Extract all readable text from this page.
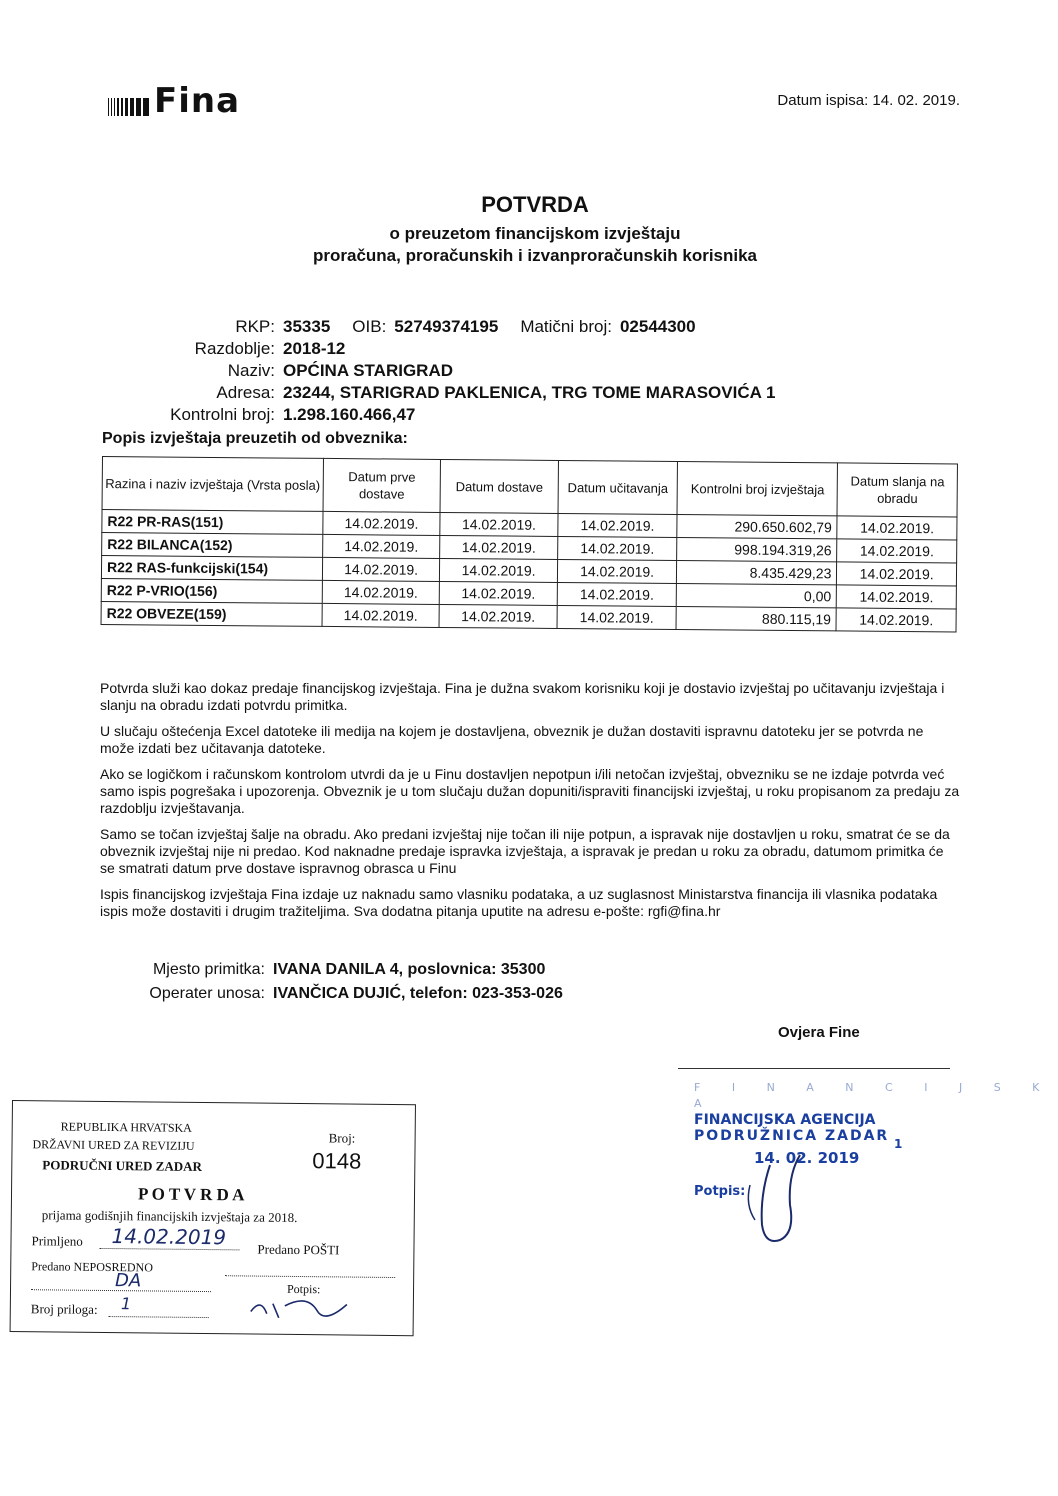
Fina	Datum ispisa: 14. 02. 2019.
POTVRDA
o preuzetom financijskom izvještaju
proračuna, proračunskih i izvanproračunskih korisnika
RKP: 35335 OIB: 52749374195 Matični broj: 02544300
Razdoblje: 2018-12
Naziv: OPĆINA STARIGRAD
Adresa: 23244, STARIGRAD PAKLENICA, TRG TOME MARASOVIĆA 1
Kontrolni broj: 1.298.160.466,47
Popis izvještaja preuzetih od obveznika:
Razina i naziv izvještaja (Vrsta posla)	Datum prve dostave	Datum dostave	Datum učitavanja	Kontrolni broj izvještaja	Datum slanja na obradu
R22 PR-RAS(151)	14.02.2019.	14.02.2019.	14.02.2019.	290.650.602,79	14.02.2019.
R22 BILANCA(152)	14.02.2019.	14.02.2019.	14.02.2019.	998.194.319,26	14.02.2019.
R22 RAS-funkcijski(154)	14.02.2019.	14.02.2019.	14.02.2019.	8.435.429,23	14.02.2019.
R22 P-VRIO(156)	14.02.2019.	14.02.2019.	14.02.2019.	0,00	14.02.2019.
R22 OBVEZE(159)	14.02.2019.	14.02.2019.	14.02.2019.	880.115,19	14.02.2019.

Potvrda služi kao dokaz predaje financijskog izvještaja. Fina je dužna svakom korisniku koji je dostavio izvještaj po učitavanju izvještaja i slanju na obradu izdati potvrdu primitka.

U slučaju oštećenja Excel datoteke ili medija na kojem je dostavljena, obveznik je dužan dostaviti ispravnu datoteku jer se potvrda ne može izdati bez učitavanja datoteke.

Ako se logičkom i računskom kontrolom utvrdi da je u Finu dostavljen nepotpun i/ili netočan izvještaj, obvezniku se ne izdaje potvrda već samo ispis pogrešaka i upozorenja. Obveznik je u tom slučaju dužan dopuniti/ispraviti financijski izvještaj, u roku propisanom za predaju za razdoblju izvještavanja.

Samo se točan izvještaj šalje na obradu. Ako predani izvještaj nije točan ili nije potpun, a ispravak nije dostavljen u roku, smatrat će se da obveznik izvještaj nije ni predao. Kod naknadne predaje ispravka izvještaja, a ispravak je predan u roku za obradu, datumom primitka će se smatrati datum prve dostave ispravnog obrasca u Finu

Ispis financijskog izvještaja Fina izdaje uz naknadu samo vlasniku podataka, a uz suglasnost Ministarstva financija ili vlasnika podataka ispis može dostaviti i drugim tražiteljima. Sva dodatna pitanja uputite na adresu e-pošte: rgfi@fina.hr

Mjesto primitka: IVANA DANILA 4, poslovnica: 35300
Operater unosa: IVANČICA DUJIĆ, telefon: 023-353-026
Ovjera Fine
F I N A N C I J S K A
FINANCIJSKA AGENCIJA
PODRUŽNICA ZADAR 1
14. 02. 2019
Potpis:
REPUBLIKA HRVATSKA
DRŽAVNI URED ZA REVIZIJU
PODRUČNI URED ZADAR
Broj:
0148
P O T V R D A
prijama godišnjih financijskih izvještaja za 2018.
Primljeno 14.02.2019
Predano POŠTI
Predano NEPOSREDNO
DA	Potpis:
Broj priloga: 1
